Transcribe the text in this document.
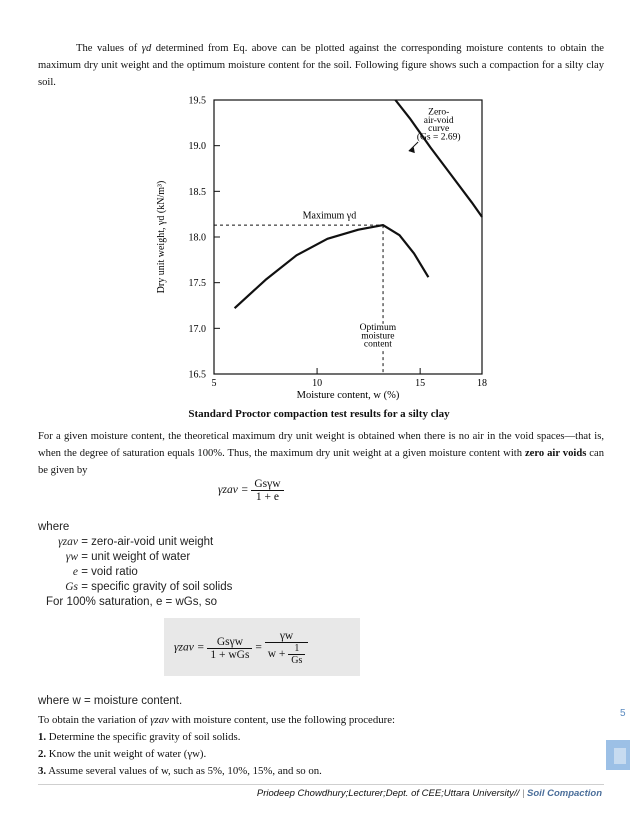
The values of γd determined from Eq. above can be plotted against the corresponding moisture contents to obtain the maximum dry unit weight and the optimum moisture content for the soil. Following figure shows such a compaction for a silty clay soil.
16.5
17.0
17.5
18.0
18.5
19.0
19.5
5	10	15	18
Maximum γd
Zero-
air-void
curve
(Gs = 2.69)
Optimum
moisture
content
Moisture content, w (%)
Dry unit weight, γd (kN/m³)
Standard Proctor compaction test results for a silty clay
For a given moisture content, the theoretical maximum dry unit weight is obtained when there is no air in the void spaces—that is, when the degree of saturation equals 100%. Thus, the maximum dry unit weight at a given moisture content with zero air voids can be given by
$\gamma zav = \frac{\text{Gsγw}}{1 + e}$
where
γzav = zero-air-void unit weight
γw = unit weight of water
e = void ratio
Gs = specific gravity of soil solids
For 100% saturation, e = wGs, so
$\gamma zav = \frac{\text{Gsγw}}{\text{1 + wGs}} = \frac{\gamma w}{w + \frac{1}{Gs}}$
where w = moisture content.
To obtain the variation of γzav with moisture content, use the following procedure:
1. Determine the specific gravity of soil solids.
2. Know the unit weight of water (γw).
3. Assume several values of w, such as 5%, 10%, 15%, and so on.
5
Priodeep Chowdhury;Lecturer;Dept. of CEE;Uttara University// | Soil Compaction
